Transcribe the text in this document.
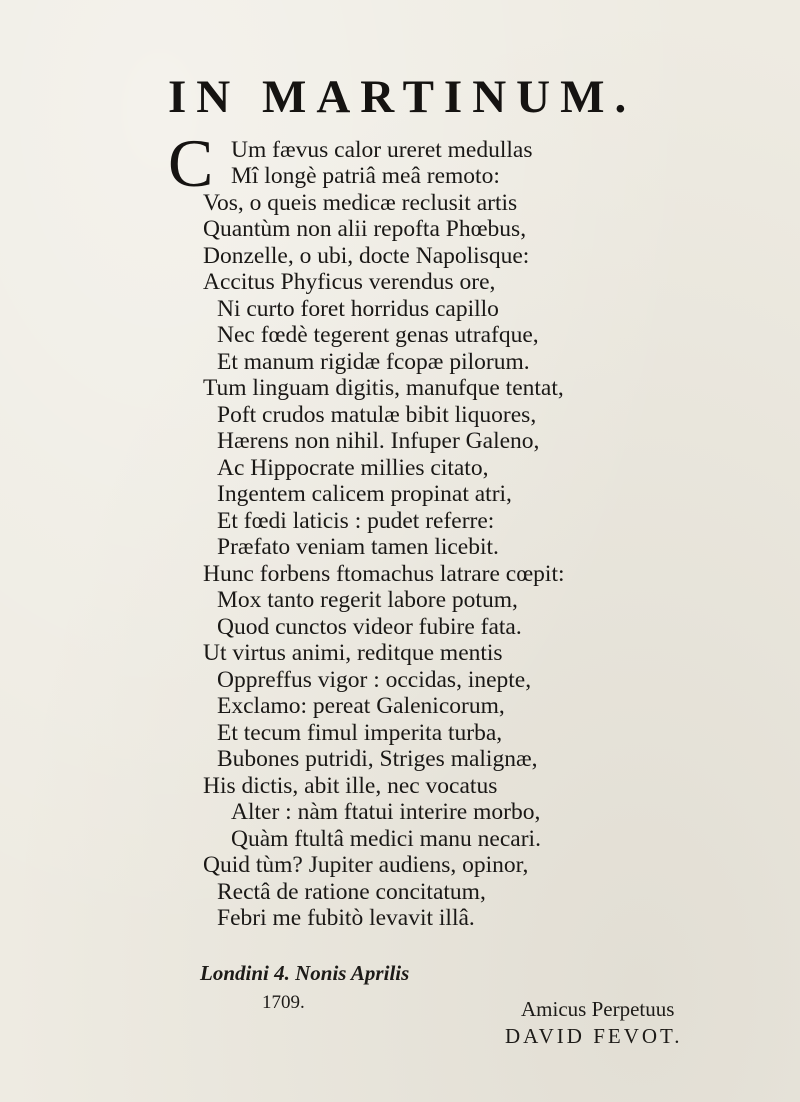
IN MARTINUM.
C Um fævus calor ureret medullas
Mî longè patriâ meâ remoto:
Vos, o queis medicæ reclusit artis
Quantùm non alii repofta Phœbus,
Donzelle, o ubi, docte Napolisque:
Accitus Phyficus verendus ore,
Ni curto foret horridus capillo
Nec fœdè tegerent genas utrafque,
Et manum rigidæ fcopæ pilorum.
Tum linguam digitis, manufque tentat,
Poft crudos matulæ bibit liquores,
Hærens non nihil. Infuper Galeno,
Ac Hippocrate millies citato,
Ingentem calicem propinat atri,
Et fœdi laticis : pudet referre:
Præfato veniam tamen licebit.
Hunc forbens ftomachus latrare cœpit:
Mox tanto regerit labore potum,
Quod cunctos videor fubire fata.
Ut virtus animi, reditque mentis
Oppreffus vigor : occidas, inepte,
Exclamo: pereat Galenicorum,
Et tecum fimul imperita turba,
Bubones putridi, Striges malignæ,
His dictis, abit ille, nec vocatus
Alter : nàm ftatui interire morbo,
Quàm ftultâ medici manu necari.
Quid tùm? Jupiter audiens, opinor,
Rectâ de ratione concitatum,
Febri me fubitò levavit illâ.
Londini 4. Nonis Aprilis
1709.	Amicus Perpetuus
DAVID FEVOT.
